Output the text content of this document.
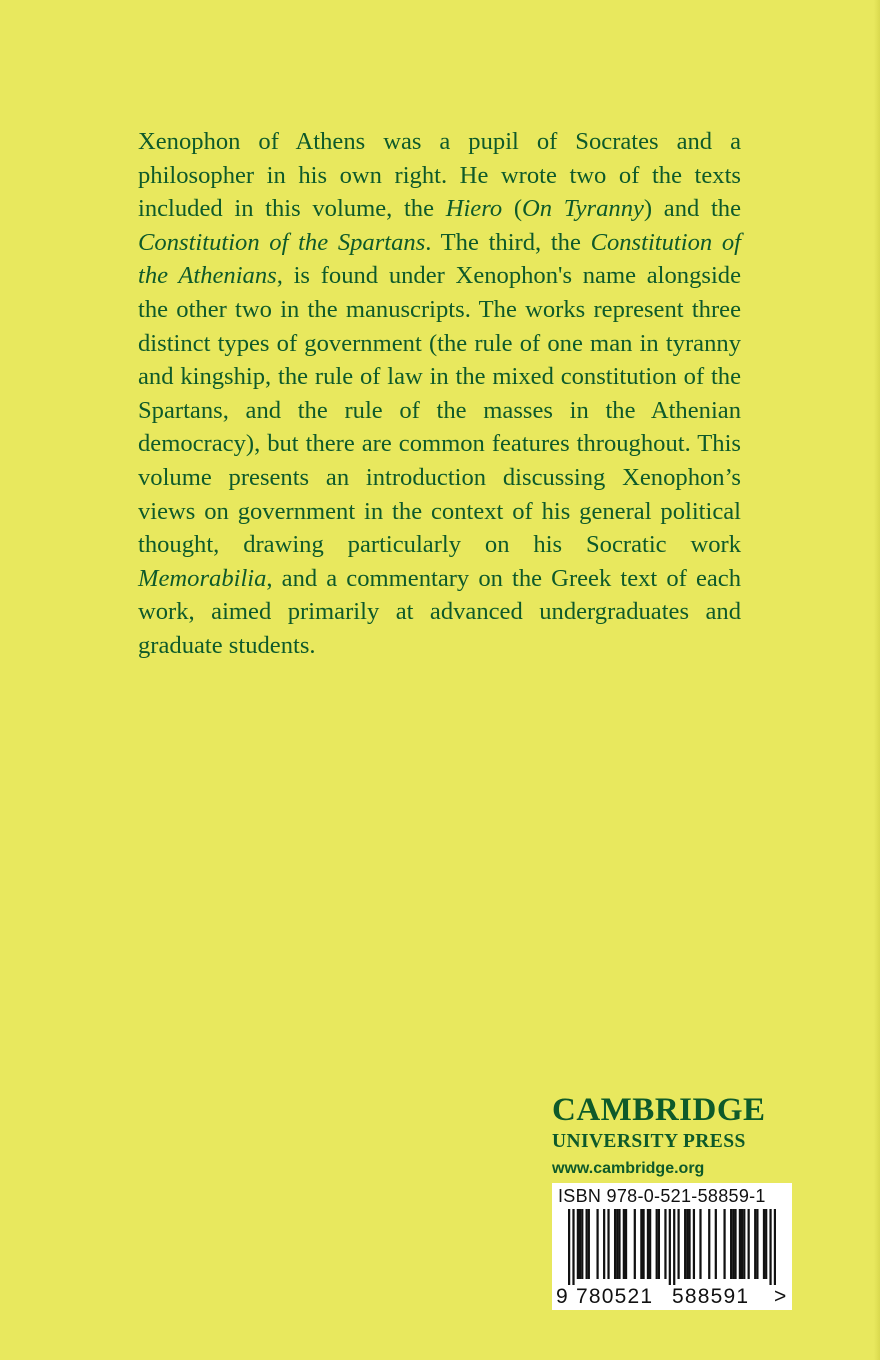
Xenophon of Athens was a pupil of Socrates and a philosopher in his own right. He wrote two of the texts included in this volume, the Hiero (On Tyranny) and the Constitution of the Spartans. The third, the Constitution of the Athenians, is found under Xenophon's name alongside the other two in the manuscripts. The works represent three distinct types of government (the rule of one man in tyranny and kingship, the rule of law in the mixed constitution of the Spartans, and the rule of the masses in the Athenian democracy), but there are common features throughout. This volume presents an introduction discussing Xenophon’s views on government in the context of his general political thought, drawing particularly on his Socratic work Memorabilia, and a commentary on the Greek text of each work, aimed primarily at advanced undergraduates and graduate students.

CAMBRIDGE

UNIVERSITY PRESS

www.cambridge.org

ISBN 978-0-521-58859-1
9 780521 588591 >
